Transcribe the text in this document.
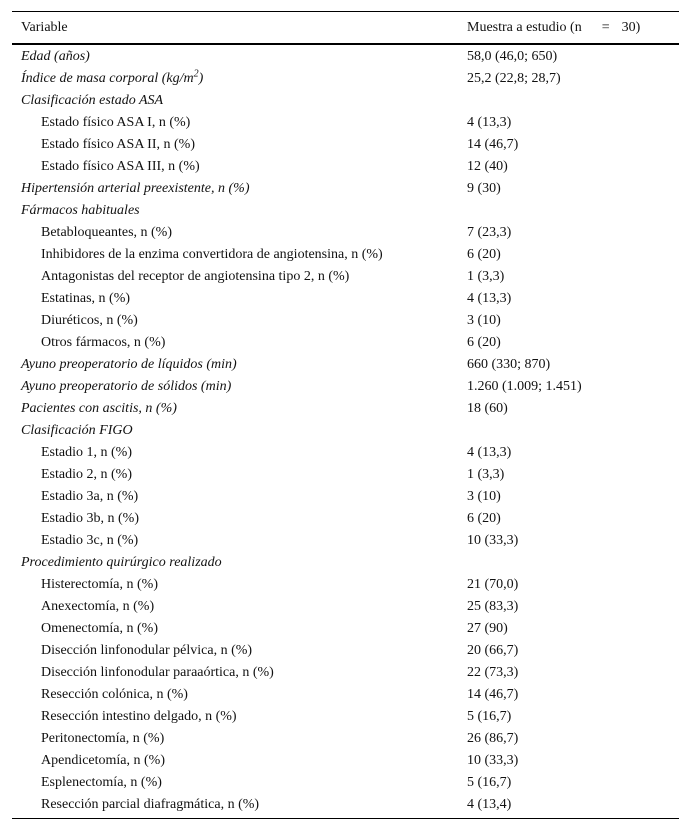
Variable	Muestra a estudio (n = 30)
Edad (años)	58,0 (46,0; 650)
Índice de masa corporal $(kg/m^2)$	25,2 (22,8; 28,7)
Clasificación estado ASA
Estado físico ASA I, n (%)	4 (13,3)
Estado físico ASA II, n (%)	14 (46,7)
Estado físico ASA III, n (%)	12 (40)
Hipertensión arterial preexistente, n (%)	9 (30)
Fármacos habituales
Betabloqueantes, n (%)	7 (23,3)
Inhibidores de la enzima convertidora de angiotensina, n (%)	6 (20)
Antagonistas del receptor de angiotensina tipo 2, n (%)	1 (3,3)
Estatinas, n (%)	4 (13,3)
Diuréticos, n (%)	3 (10)
Otros fármacos, n (%)	6 (20)
Ayuno preoperatorio de líquidos (min)	660 (330; 870)
Ayuno preoperatorio de sólidos (min)	1.260 (1.009; 1.451)
Pacientes con ascitis, n (%)	18 (60)
Clasificación FIGO
Estadio 1, n (%)	4 (13,3)
Estadio 2, n (%)	1 (3,3)
Estadio 3a, n (%)	3 (10)
Estadio 3b, n (%)	6 (20)
Estadio 3c, n (%)	10 (33,3)
Procedimiento quirúrgico realizado
Histerectomía, n (%)	21 (70,0)
Anexectomía, n (%)	25 (83,3)
Omenectomía, n (%)	27 (90)
Disección linfonodular pélvica, n (%)	20 (66,7)
Disección linfonodular paraaórtica, n (%)	22 (73,3)
Resección colónica, n (%)	14 (46,7)
Resección intestino delgado, n (%)	5 (16,7)
Peritonectomía, n (%)	26 (86,7)
Apendicetomía, n (%)	10 (33,3)
Esplenectomía, n (%)	5 (16,7)
Resección parcial diafragmática, n (%)	4 (13,4)
